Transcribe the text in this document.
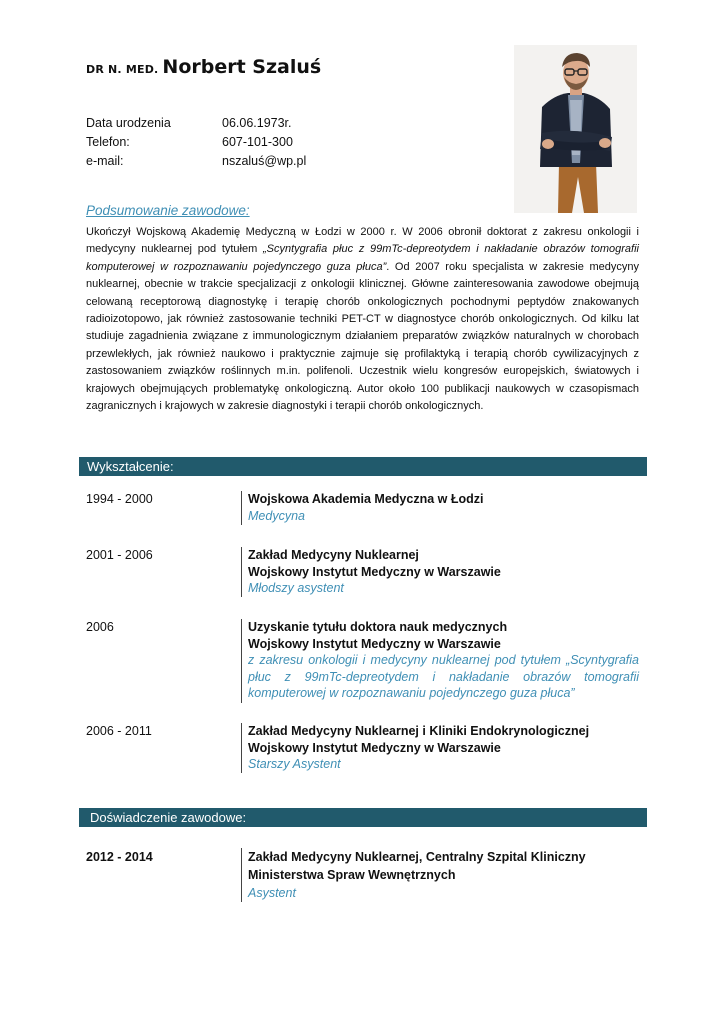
DR N. MED. Norbert Szaluś
Data urodzenia	06.06.1973r.
Telefon:	607-101-300
e-mail:	nszaluś@wp.pl
Podsumowanie zawodowe:
Ukończył Wojskową Akademię Medyczną w Łodzi w 2000 r. W 2006 obronił doktorat z zakresu onkologii i medycyny nuklearnej pod tytułem „Scyntygrafia płuc z 99mTc-depreotydem i nakładanie obrazów tomografii komputerowej w rozpoznawaniu pojedynczego guza płuca”. Od 2007 roku specjalista w zakresie medycyny nuklearnej, obecnie w trakcie specjalizacji z onkologii klinicznej. Główne zainteresowania zawodowe obejmują celowaną receptorową diagnostykę i terapię chorób onkologicznych pochodnymi peptydów znakowanych radioizotopowo, jak również zastosowanie techniki PET-CT w diagnostyce chorób onkologicznych. Od kilku lat studiuje zagadnienia związane z immunologicznym działaniem preparatów związków naturalnych w chorobach przewlekłych, jak również naukowo i praktycznie zajmuje się profilaktyką i terapią chorób cywilizacyjnych z zastosowaniem związków roślinnych m.in. polifenoli. Uczestnik wielu kongresów europejskich, światowych i krajowych obejmujących problematykę onkologiczną. Autor około 100 publikacji naukowych w czasopismach zagranicznych i krajowych w zakresie diagnostyki i terapii chorób onkologicznych.
Wykształcenie:
1994 - 2000	Wojskowa Akademia Medyczna w Łodzi
Medycyna
2001 - 2006	Zakład Medycyny Nuklearnej
Wojskowy Instytut Medyczny w Warszawie
Młodszy asystent
2006	Uzyskanie tytułu doktora nauk medycznych
Wojskowy Instytut Medyczny w Warszawie
z zakresu onkologii i medycyny nuklearnej pod tytułem „Scyntygrafia płuc z 99mTc-depreotydem i nakładanie obrazów tomografii komputerowej w rozpoznawaniu pojedynczego guza płuca”
2006 - 2011	Zakład Medycyny Nuklearnej i Kliniki Endokrynologicznej
Wojskowy Instytut Medyczny w Warszawie
Starszy Asystent
Doświadczenie zawodowe:
2012 - 2014	Zakład Medycyny Nuklearnej, Centralny Szpital Kliniczny Ministerstwa Spraw Wewnętrznych
Asystent
